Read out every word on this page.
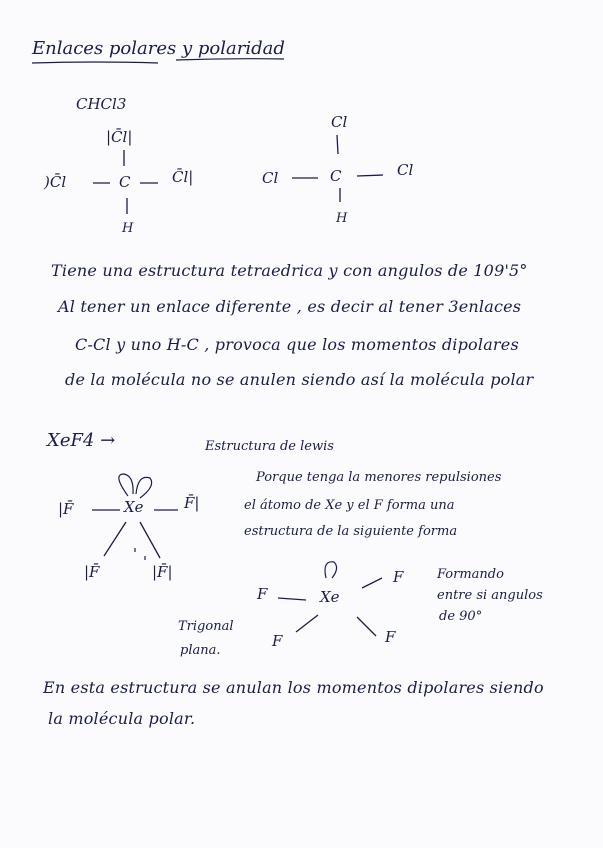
Enlaces polares y polaridad
CHCl3
|C̄l|
)C̄l	C	C̄l|
H
Cl
Cl	C	Cl
H
Tiene una estructura tetraedrica y con angulos de 109'5°
Al tener un enlace diferente , es decir al tener 3enlaces
C-Cl y uno H-C , provoca que los momentos dipolares
de la molécula no se anulen siendo así la molécula polar
XeF4 →	Estructura de lewis
Xe
|F̄	F̄|
|F̄	|F̄|
Porque tenga la menores repulsiones
el átomo de Xe y el F forma una
estructura de la siguiente forma
Xe
F
F
F	F
Trigonal
plana.
Formando
entre si angulos
de 90°
En esta estructura se anulan los momentos dipolares siendo
la molécula polar.
